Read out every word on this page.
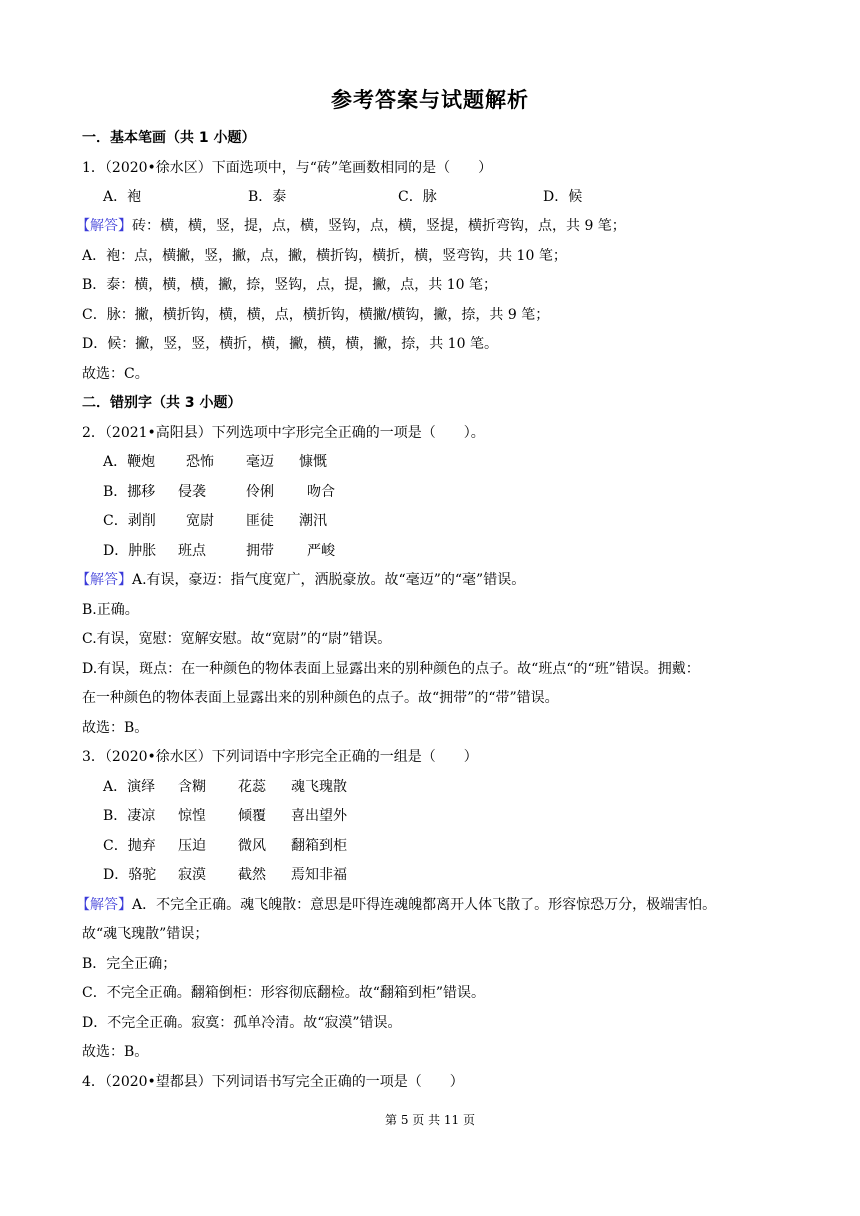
参考答案与试题解析
一．基本笔画（共 1 小题）
1．（2020•徐水区）下面选项中，与“砖”笔画数相同的是（　　）
A．袍	B．泰	C．脉	D．候
【解答】砖：横，横，竖，提，点，横，竖钩，点，横，竖提，横折弯钩，点，共 9 笔；
A．袍：点，横撇，竖，撇，点，撇，横折钩，横折，横，竖弯钩，共 10 笔；
B．泰：横，横，横，撇，捺，竖钩，点，提，撇，点，共 10 笔；
C．脉：撇，横折钩，横，横，点，横折钩，横撇/横钩，撇，捺，共 9 笔；
D．候：撇，竖，竖，横折，横，撇，横，横，撇，捺，共 10 笔。
故选：C。
二．错别字（共 3 小题）
2．（2021•高阳县）下列选项中字形完全正确的一项是（　　）。
A．鞭炮 恐怖 毫迈 慷慨
B．挪移 侵袭	伶俐 吻合
C．剥削 宽尉 匪徒 潮汛
D．肿胀 班点	拥带 严峻
【解答】A.有误，豪迈：指气度宽广，洒脱豪放。故“毫迈”的“毫”错误。
B.正确。
C.有误，宽慰：宽解安慰。故“宽尉”的“尉”错误。
D.有误，斑点：在一种颜色的物体表面上显露出来的别种颜色的点子。故“班点“的“班”错误。拥戴：
在一种颜色的物体表面上显露出来的别种颜色的点子。故“拥带”的“带”错误。
故选：B。
3．（2020•徐水区）下列词语中字形完全正确的一组是（　　）
A．演绎 含糊 花蕊 魂飞瑰散
B．凄凉 惊惶 倾覆 喜出望外
C．抛弃 压迫 微风 翻箱到柜
D．骆驼 寂漠 截然 焉知非福
【解答】A．不完全正确。魂飞魄散：意思是吓得连魂魄都离开人体飞散了。形容惊恐万分，极端害怕。
故“魂飞瑰散”错误；
B．完全正确；
C．不完全正确。翻箱倒柜：形容彻底翻检。故“翻箱到柜”错误。
D．不完全正确。寂寞：孤单冷清。故“寂漠”错误。
故选：B。
4．（2020•望都县）下列词语书写完全正确的一项是（　　）
第 5 页 共 11 页
